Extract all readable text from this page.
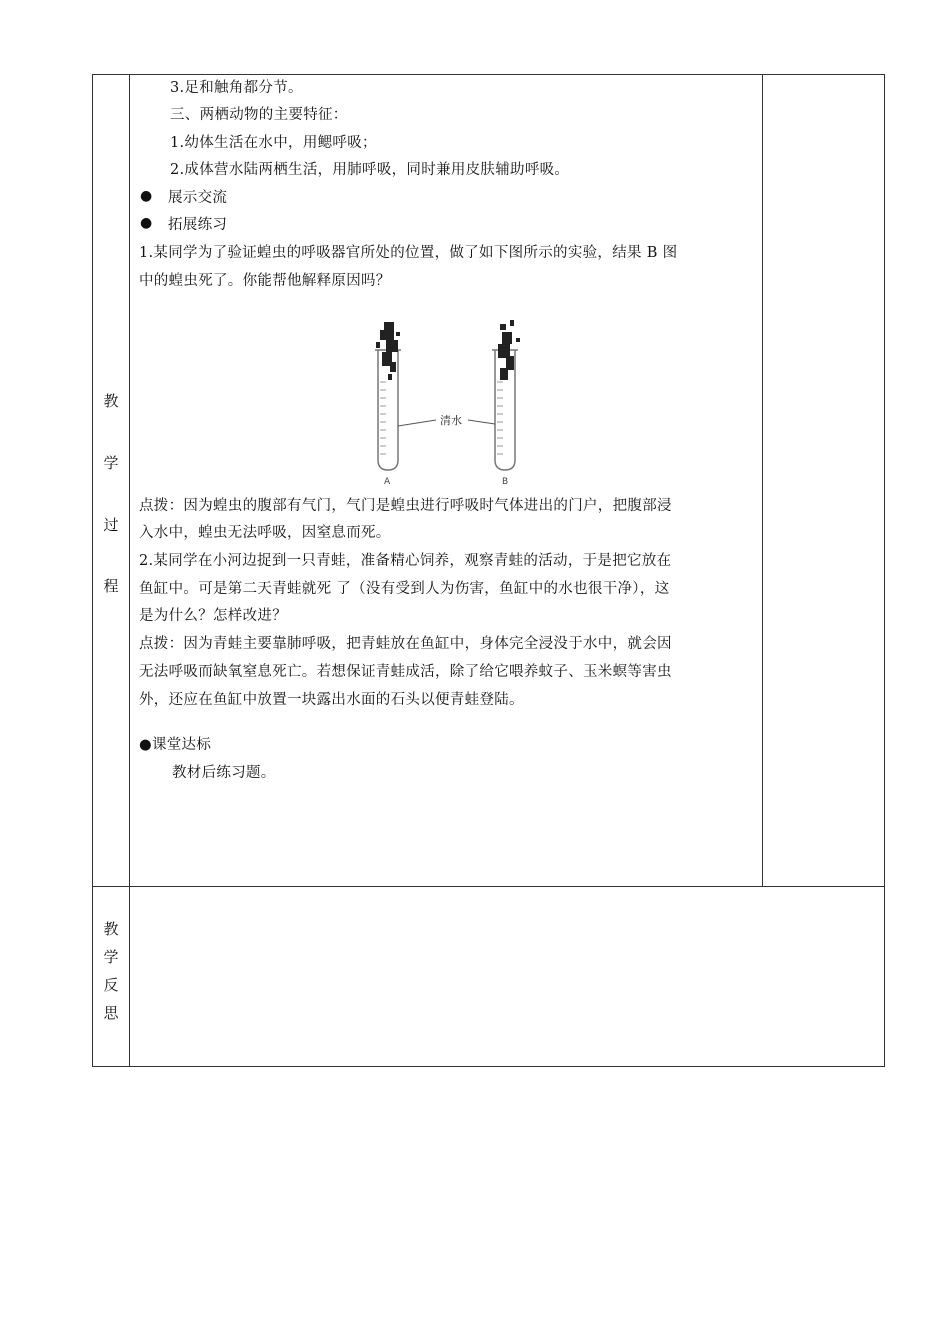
教
学
过
程
教
学
反
思
3.足和触角都分节。
三、两栖动物的主要特征：
1.幼体生活在水中，用鳃呼吸；
2.成体营水陆两栖生活，用肺呼吸，同时兼用皮肤辅助呼吸。
● 展示交流
● 拓展练习
1.某同学为了验证蝗虫的呼吸器官所处的位置，做了如下图所示的实验，结果 B 图
中的蝗虫死了。你能帮他解释原因吗？
清水
A	B
点拨：因为蝗虫的腹部有气门，气门是蝗虫进行呼吸时气体进出的门户，把腹部浸
入水中，蝗虫无法呼吸，因窒息而死。
2.某同学在小河边捉到一只青蛙，准备精心饲养，观察青蛙的活动，于是把它放在
鱼缸中。可是第二天青蛙就死 了（没有受到人为伤害，鱼缸中的水也很干净），这
是为什么？怎样改进？
点拨：因为青蛙主要靠肺呼吸，把青蛙放在鱼缸中，身体完全浸没于水中，就会因
无法呼吸而缺氧窒息死亡。若想保证青蛙成活，除了给它喂养蚊子、玉米螟等害虫
外，还应在鱼缸中放置一块露出水面的石头以便青蛙登陆。
●课堂达标
教材后练习题。
